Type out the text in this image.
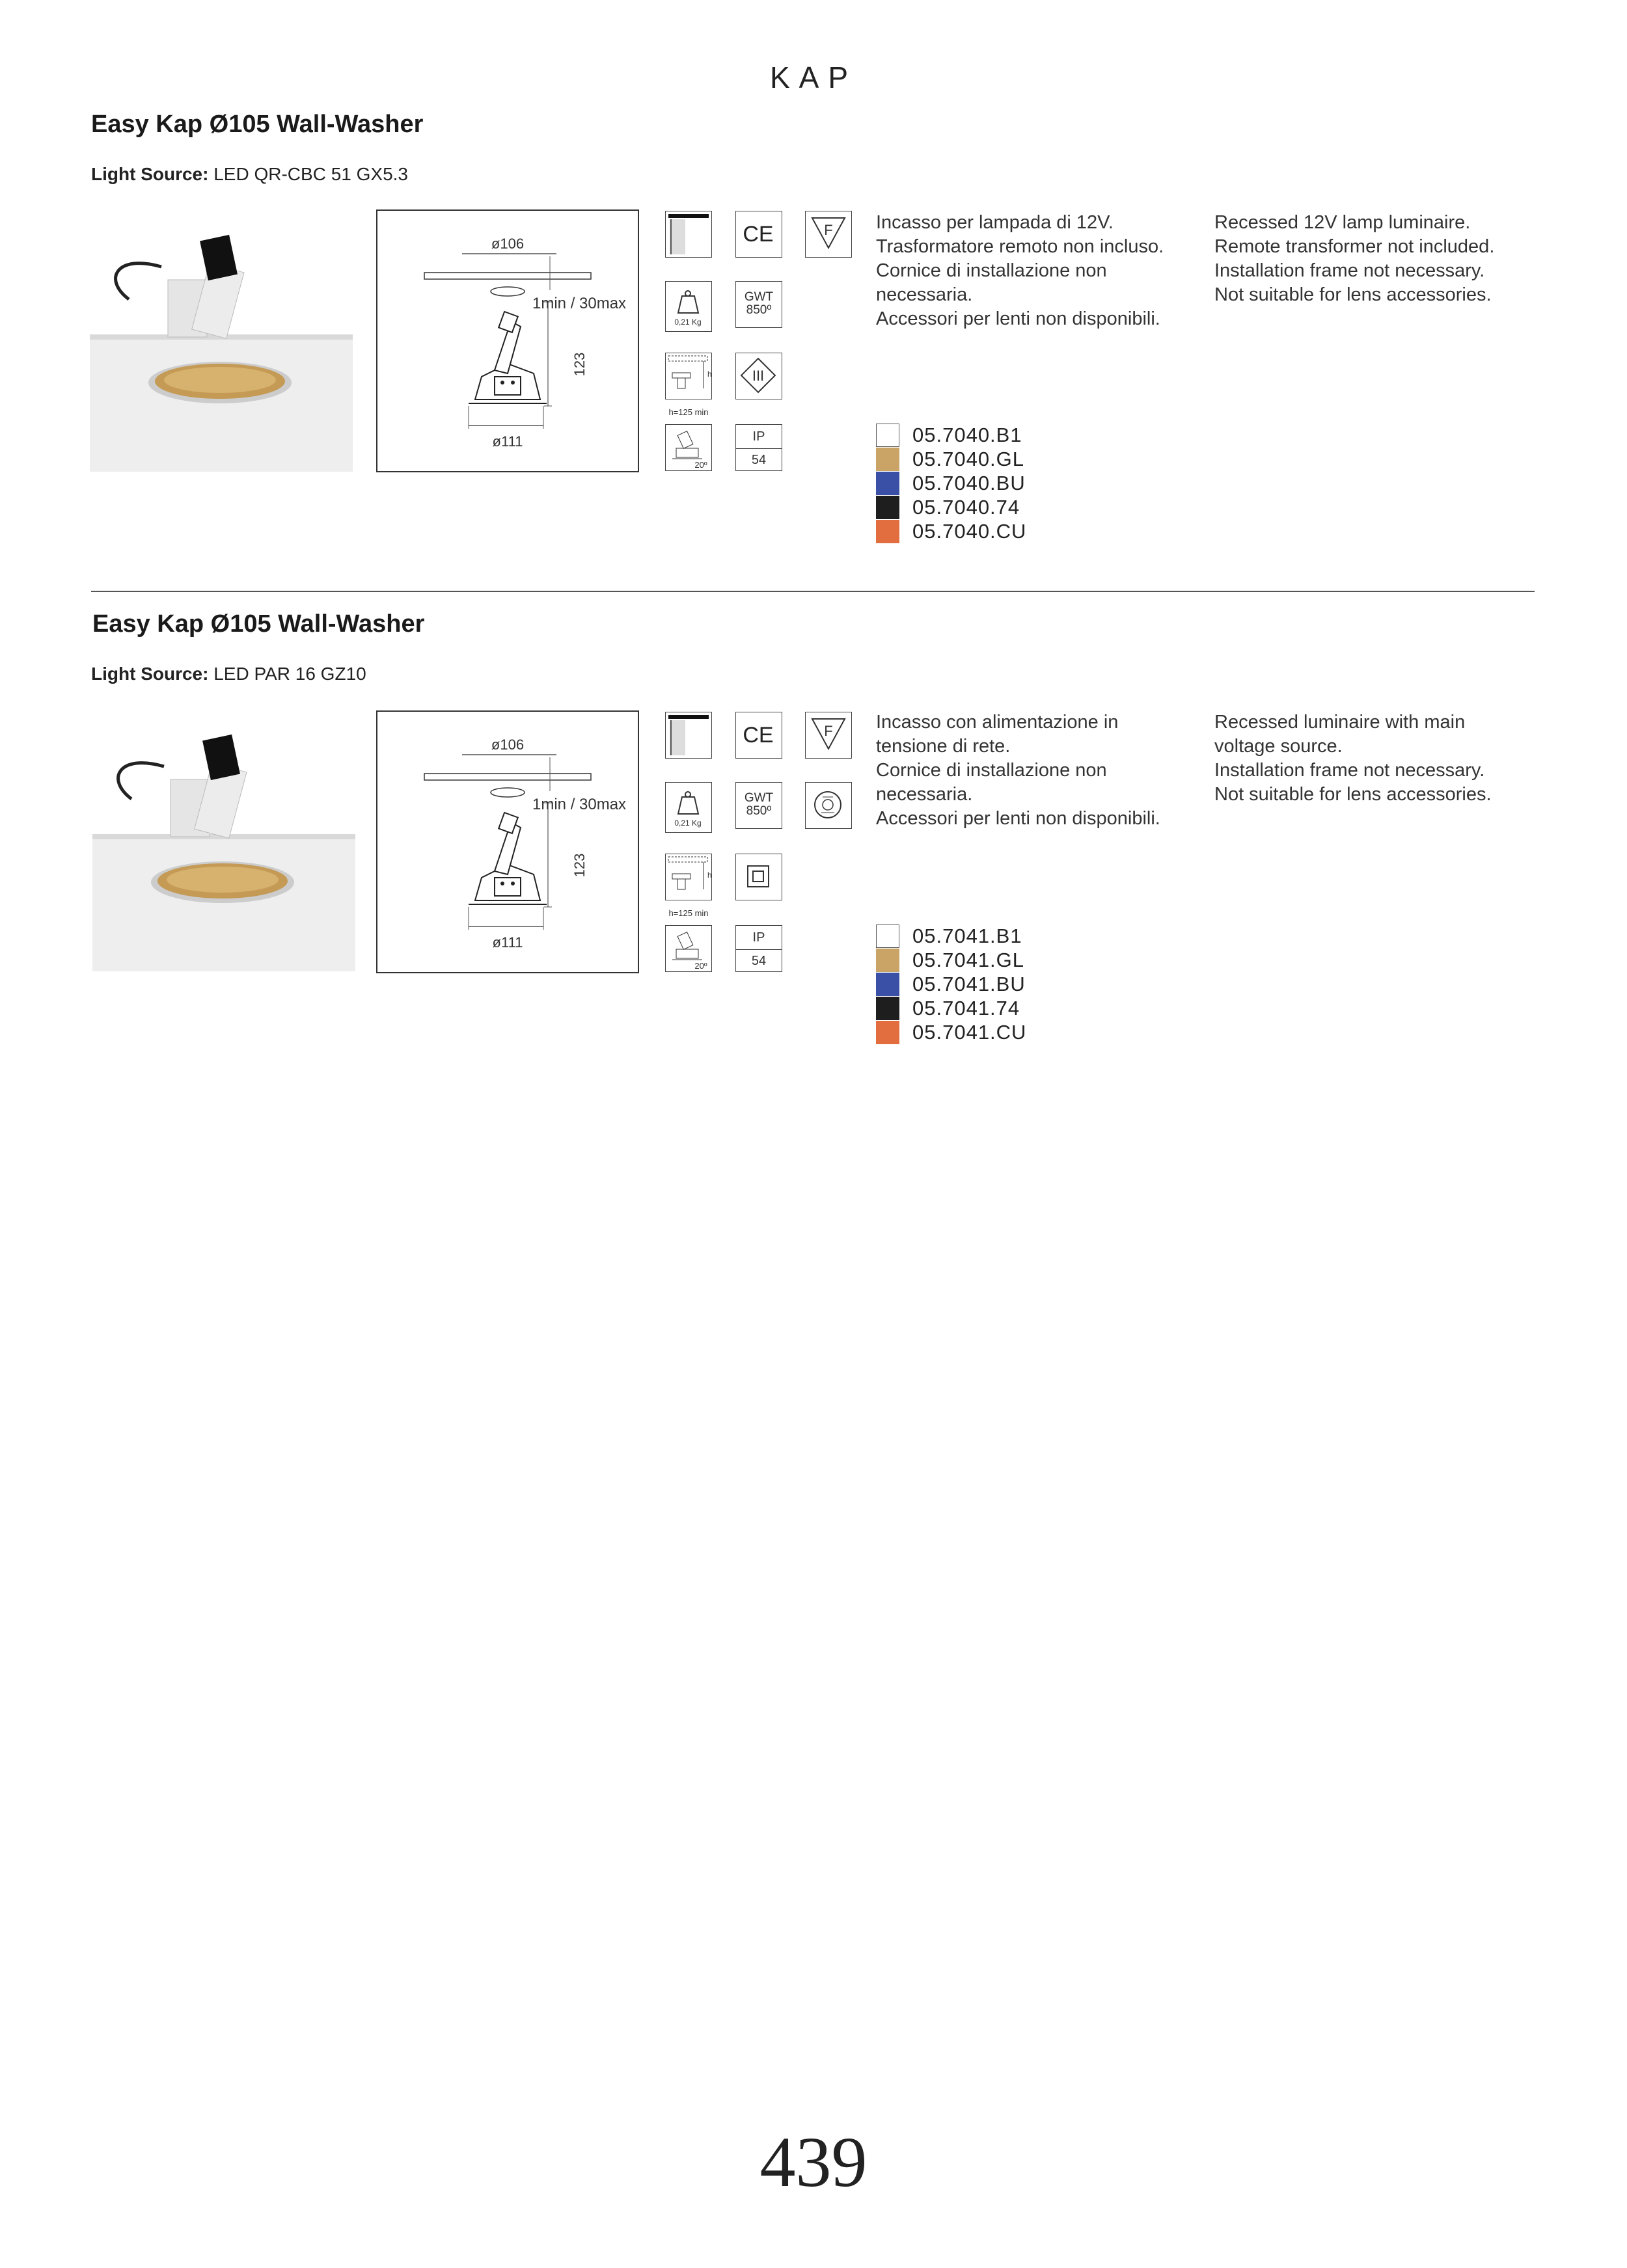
KAP
Easy Kap Ø105 Wall-Washer
Light Source: LED QR-CBC 51 GX5.3
ø106
1min / 30max
123
ø111
CE	F
0,21 Kg
GWT
850º
h
h=125 min
III
20º
IP
54
Incasso per lampada di 12V.
Trasformatore remoto non incluso.
Cornice di installazione non
necessaria.
Accessori per lenti non disponibili.
Recessed 12V lamp luminaire.
Remote transformer not included.
Installation frame not necessary.
Not suitable for lens accessories.
05.7040.B1
05.7040.GL
05.7040.BU
05.7040.74
05.7040.CU
Easy Kap Ø105 Wall-Washer
Light Source: LED PAR 16 GZ10
ø106
1min / 30max
123
ø111
CE	F
0,21 Kg
GWT
850º
h
h=125 min
20º
IP
54
Incasso con alimentazione in
tensione di rete.
Cornice di installazione non
necessaria.
Accessori per lenti non disponibili.
Recessed luminaire with main
voltage source.
Installation frame not necessary.
Not suitable for lens accessories.
05.7041.B1
05.7041.GL
05.7041.BU
05.7041.74
05.7041.CU
439
